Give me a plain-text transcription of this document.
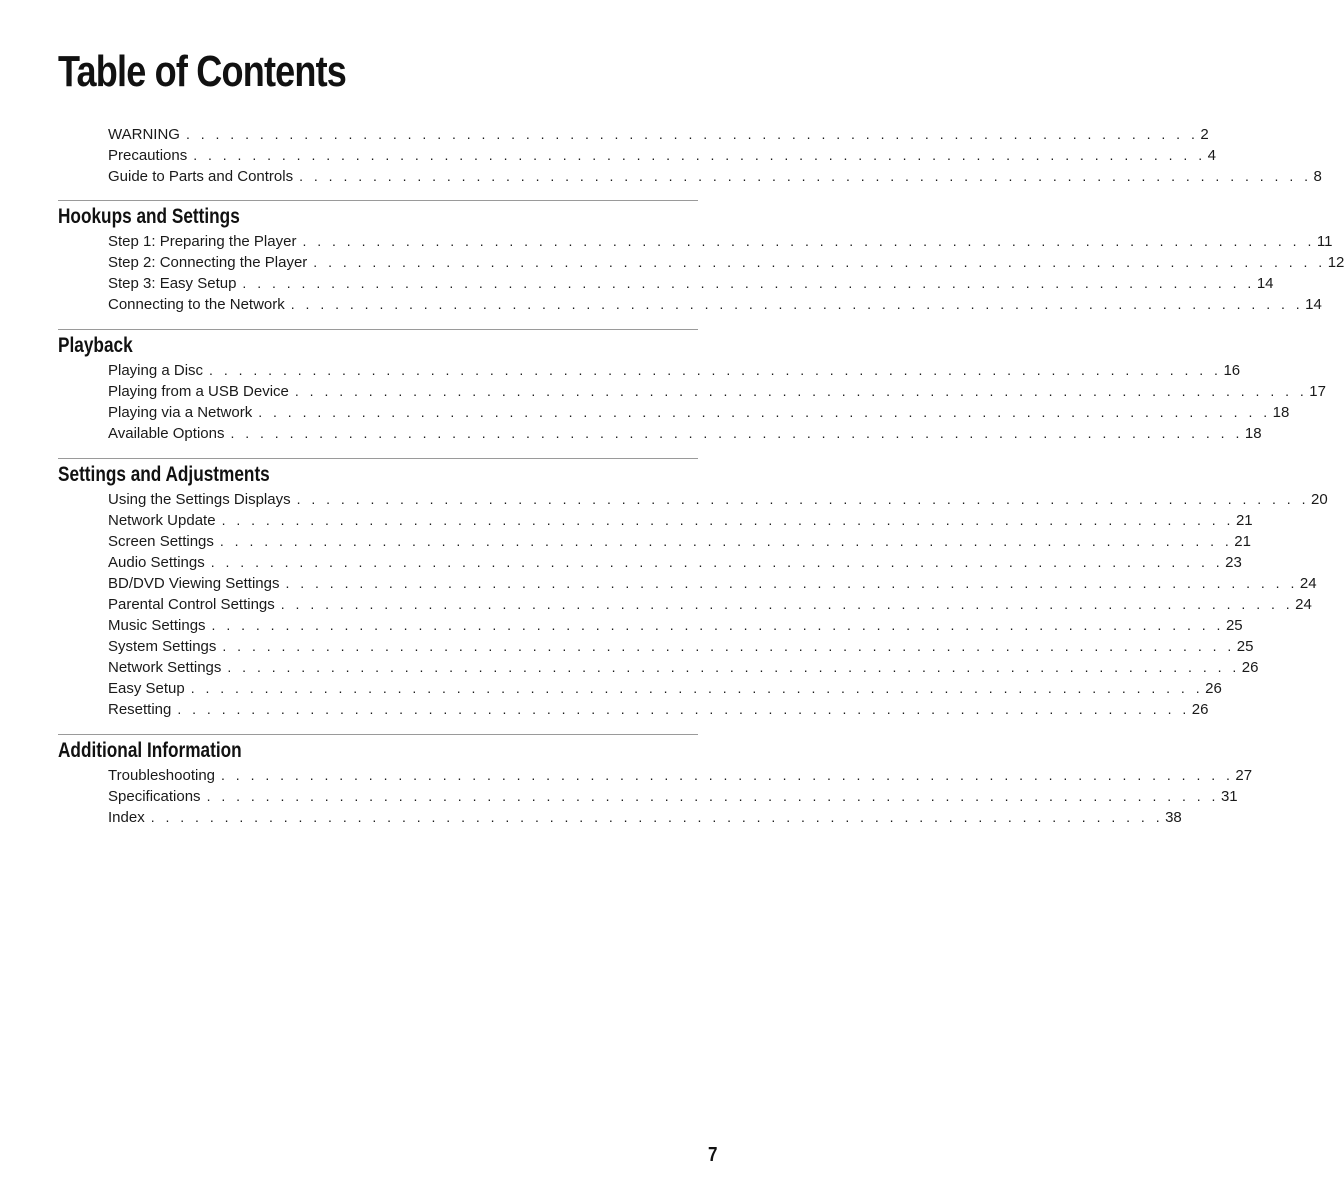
Table of Contents
WARNING . . . . . . . . . . . . . . . . . . . . . . . . . . . . . . . . . . . . . . . . . . . . . . . . . . . . . . . . . . . . . . . . . . . . . 2
Precautions . . . . . . . . . . . . . . . . . . . . . . . . . . . . . . . . . . . . . . . . . . . . . . . . . . . . . . . . . . . . . . . . . . . . . 4
Guide to Parts and Controls . . . . . . . . . . . . . . . . . . . . . . . . . . . . . . . . . . . . . . . . . . . . . . . . . . . . . . . . . . . . . . . . . . . . . 8
Hookups and Settings
Step 1: Preparing the Player . . . . . . . . . . . . . . . . . . . . . . . . . . . . . . . . . . . . . . . . . . . . . . . . . . . . . . . . . . . . . . . . . . . . . 11
Step 2: Connecting the Player . . . . . . . . . . . . . . . . . . . . . . . . . . . . . . . . . . . . . . . . . . . . . . . . . . . . . . . . . . . . . . . . . . . . . 12
Step 3: Easy Setup . . . . . . . . . . . . . . . . . . . . . . . . . . . . . . . . . . . . . . . . . . . . . . . . . . . . . . . . . . . . . . . . . . . . . 14
Connecting to the Network . . . . . . . . . . . . . . . . . . . . . . . . . . . . . . . . . . . . . . . . . . . . . . . . . . . . . . . . . . . . . . . . . . . . . 14
Playback
Playing a Disc . . . . . . . . . . . . . . . . . . . . . . . . . . . . . . . . . . . . . . . . . . . . . . . . . . . . . . . . . . . . . . . . . . . . . 16
Playing from a USB Device . . . . . . . . . . . . . . . . . . . . . . . . . . . . . . . . . . . . . . . . . . . . . . . . . . . . . . . . . . . . . . . . . . . . . 17
Playing via a Network . . . . . . . . . . . . . . . . . . . . . . . . . . . . . . . . . . . . . . . . . . . . . . . . . . . . . . . . . . . . . . . . . . . . . 18
Available Options . . . . . . . . . . . . . . . . . . . . . . . . . . . . . . . . . . . . . . . . . . . . . . . . . . . . . . . . . . . . . . . . . . . . . 18
Settings and Adjustments
Using the Settings Displays . . . . . . . . . . . . . . . . . . . . . . . . . . . . . . . . . . . . . . . . . . . . . . . . . . . . . . . . . . . . . . . . . . . . . 20
Network Update . . . . . . . . . . . . . . . . . . . . . . . . . . . . . . . . . . . . . . . . . . . . . . . . . . . . . . . . . . . . . . . . . . . . . 21
Screen Settings . . . . . . . . . . . . . . . . . . . . . . . . . . . . . . . . . . . . . . . . . . . . . . . . . . . . . . . . . . . . . . . . . . . . . 21
Audio Settings . . . . . . . . . . . . . . . . . . . . . . . . . . . . . . . . . . . . . . . . . . . . . . . . . . . . . . . . . . . . . . . . . . . . . 23
BD/DVD Viewing Settings . . . . . . . . . . . . . . . . . . . . . . . . . . . . . . . . . . . . . . . . . . . . . . . . . . . . . . . . . . . . . . . . . . . . . 24
Parental Control Settings . . . . . . . . . . . . . . . . . . . . . . . . . . . . . . . . . . . . . . . . . . . . . . . . . . . . . . . . . . . . . . . . . . . . . 24
Music Settings . . . . . . . . . . . . . . . . . . . . . . . . . . . . . . . . . . . . . . . . . . . . . . . . . . . . . . . . . . . . . . . . . . . . . 25
System Settings . . . . . . . . . . . . . . . . . . . . . . . . . . . . . . . . . . . . . . . . . . . . . . . . . . . . . . . . . . . . . . . . . . . . . 25
Network Settings . . . . . . . . . . . . . . . . . . . . . . . . . . . . . . . . . . . . . . . . . . . . . . . . . . . . . . . . . . . . . . . . . . . . . 26
Easy Setup . . . . . . . . . . . . . . . . . . . . . . . . . . . . . . . . . . . . . . . . . . . . . . . . . . . . . . . . . . . . . . . . . . . . . 26
Resetting . . . . . . . . . . . . . . . . . . . . . . . . . . . . . . . . . . . . . . . . . . . . . . . . . . . . . . . . . . . . . . . . . . . . . 26
Additional Information
Troubleshooting . . . . . . . . . . . . . . . . . . . . . . . . . . . . . . . . . . . . . . . . . . . . . . . . . . . . . . . . . . . . . . . . . . . . . 27
Specifications . . . . . . . . . . . . . . . . . . . . . . . . . . . . . . . . . . . . . . . . . . . . . . . . . . . . . . . . . . . . . . . . . . . . . 31
Index . . . . . . . . . . . . . . . . . . . . . . . . . . . . . . . . . . . . . . . . . . . . . . . . . . . . . . . . . . . . . . . . . . . . . 38
7
